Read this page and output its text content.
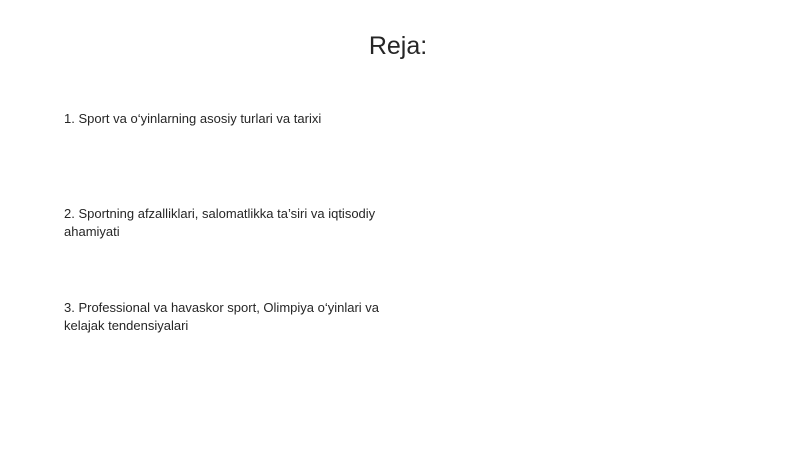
Reja:
1. Sport va o‘yinlarning asosiy turlari va tarixi
2. Sportning afzalliklari, salomatlikka ta’siri va iqtisodiy ahamiyati
3. Professional va havaskor sport, Olimpiya o‘yinlari va kelajak tendensiyalari
